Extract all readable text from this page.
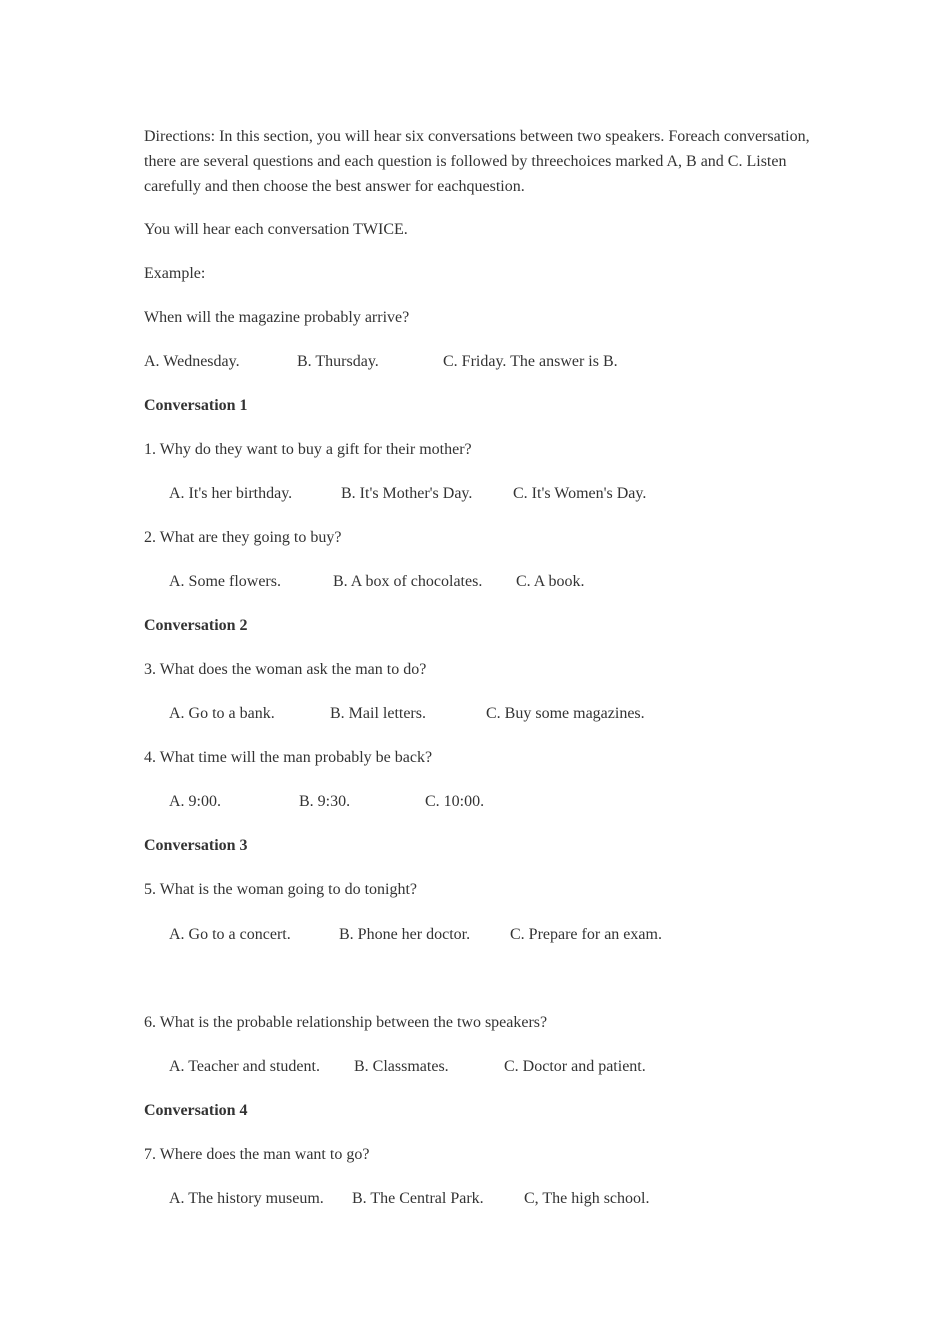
Directions: In this section, you will hear six conversations between two speakers. Foreach conversation, there are several questions and each question is followed by threechoices marked A, B and C. Listen carefully and then choose the best answer for eachquestion.

You will hear each conversation TWICE.
Example:
When will the magazine probably arrive?
A. Wednesday.	B. Thursday.	C. Friday. The answer is B.
Conversation 1
1. Why do they want to buy a gift for their mother?
A. It's her birthday.	B. It's Mother's Day.	C. It's Women's Day.
2. What are they going to buy?
A. Some flowers.	B. A box of chocolates. C. A book.
Conversation 2
3. What does the woman ask the man to do?
A. Go to a bank.	B. Mail letters.	C. Buy some magazines.
4. What time will the man probably be back?
A. 9:00.	B. 9:30.	C. 10:00.
Conversation 3
5. What is the woman going to do tonight?
A. Go to a concert.	B. Phone her doctor. C. Prepare for an exam.
6. What is the probable relationship between the two speakers?
A. Teacher and student. B. Classmates.	C. Doctor and patient.
Conversation 4
7. Where does the man want to go?
A. The history museum. B. The Central Park.	C, The high school.
